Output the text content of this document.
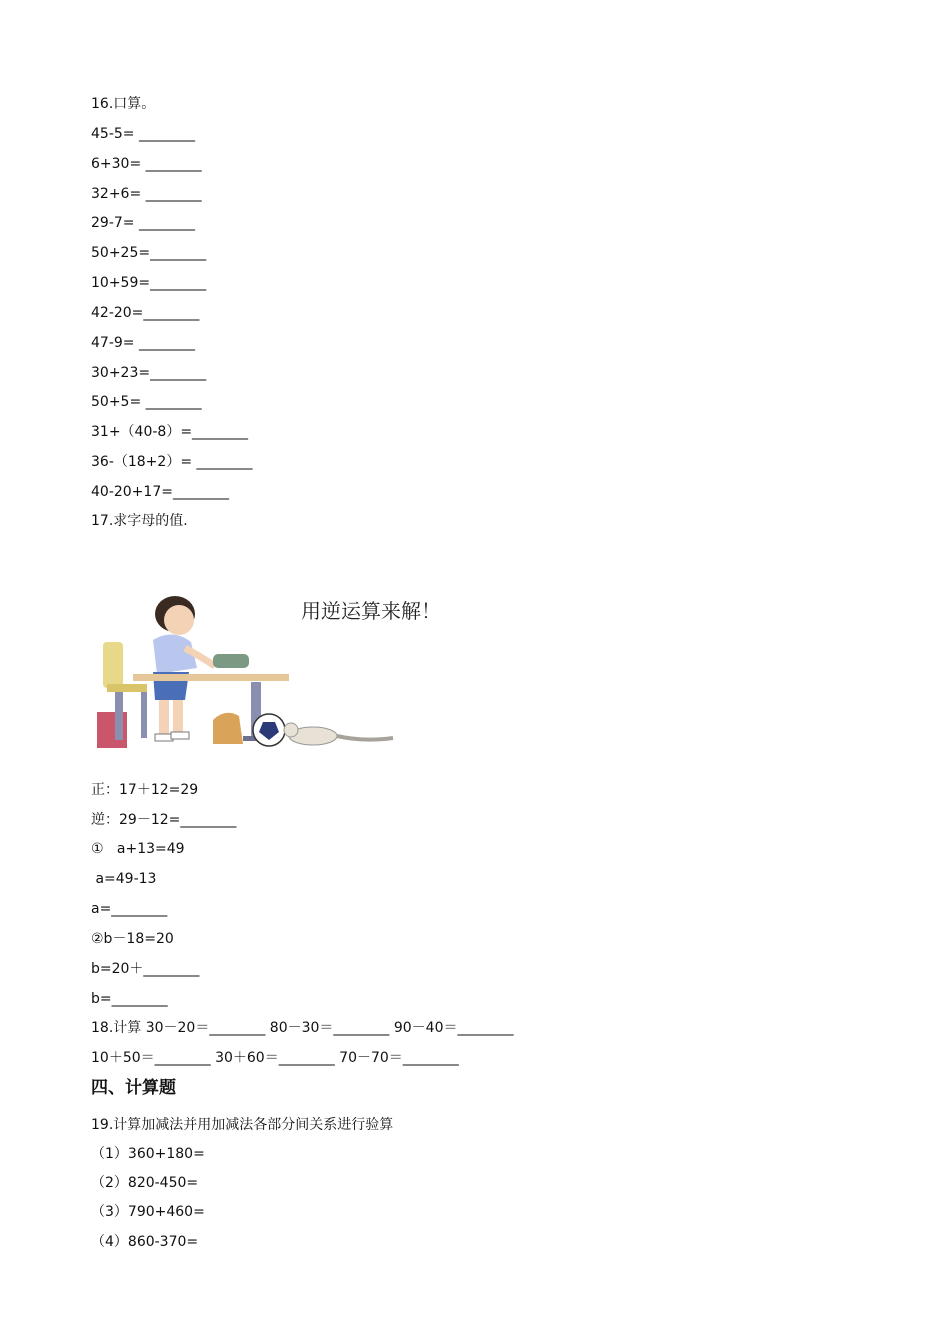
16.口算。
45-5= ________
6+30= ________
32+6= ________
29-7= ________
50+25=________
10+59=________
42-20=________
47-9= ________
30+23=________
50+5= ________
31+（40-8）=________
36-（18+2）= ________
40-20+17=________
17.求字母的值.
用逆运算来解！
正：17＋12=29
逆：29－12=________
①   a+13=49
a=49-13
a=________
②b－18=20
b=20＋________
b=________
18.计算 30－20＝________ 80－30＝________ 90－40＝________
10＋50＝________ 30＋60＝________ 70－70＝________
四、计算题
19.计算加减法并用加减法各部分间关系进行验算
（1）360+180=
（2）820-450=
（3）790+460=
（4）860-370=
